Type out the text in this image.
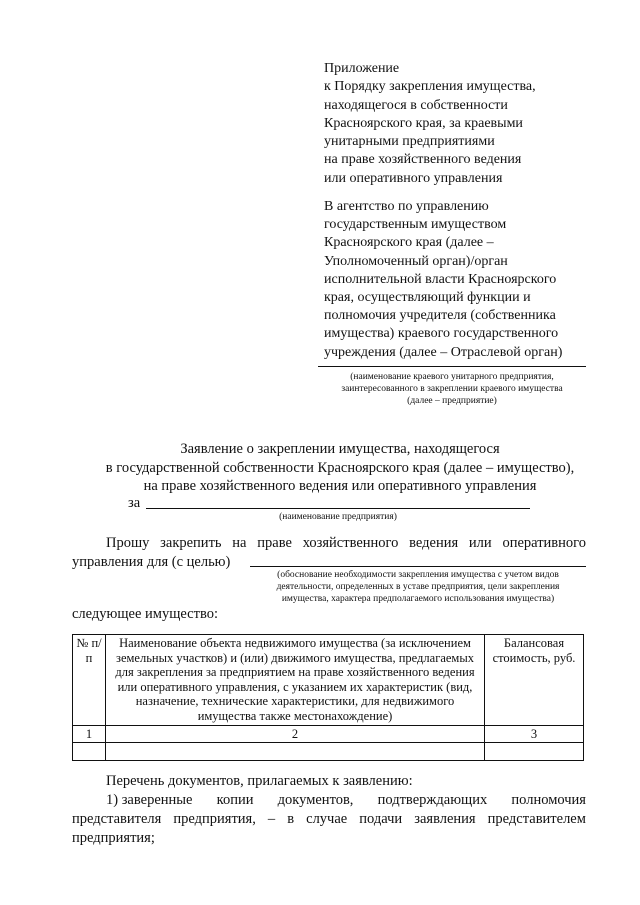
Приложение
к Порядку закрепления имущества,
находящегося в собственности
Красноярского края, за краевыми
унитарными предприятиями
на праве хозяйственного ведения
или оперативного управления
В агентство по управлению
государственным имуществом
Красноярского края (далее –
Уполномоченный орган)/орган
исполнительной власти Красноярского
края, осуществляющий функции и
полномочия учредителя (собственника
имущества) краевого государственного
учреждения (далее – Отраслевой орган)
(наименование краевого унитарного предприятия,
заинтересованного в закреплении краевого имущества
(далее – предприятие)
Заявление о закреплении имущества, находящегося
в государственной собственности Красноярского края (далее – имущество),
на праве хозяйственного ведения или оперативного управления
за
(наименование предприятия)
Прошу закрепить на праве хозяйственного ведения или оперативного
управления для (с целью)
(обоснование необходимости закрепления имущества с учетом видов
деятельности, определенных в уставе предприятия, цели закрепления
имущества, характера предполагаемого использования имущества)
следующее имущество:
№ п/п	Наименование объекта недвижимого имущества (за исключением земельных участков) и (или) движимого имущества, предлагаемых для закрепления за предприятием на праве хозяйственного ведения или оперативного управления, с указанием их характеристик (вид, назначение, технические характеристики, для недвижимого имущества также местонахождение)	Балансовая стоимость, руб.
1	2	3

Перечень документов, прилагаемых к заявлению:
1) заверенные копии документов, подтверждающих полномочия
представителя предприятия, – в случае подачи заявления представителем
предприятия;
